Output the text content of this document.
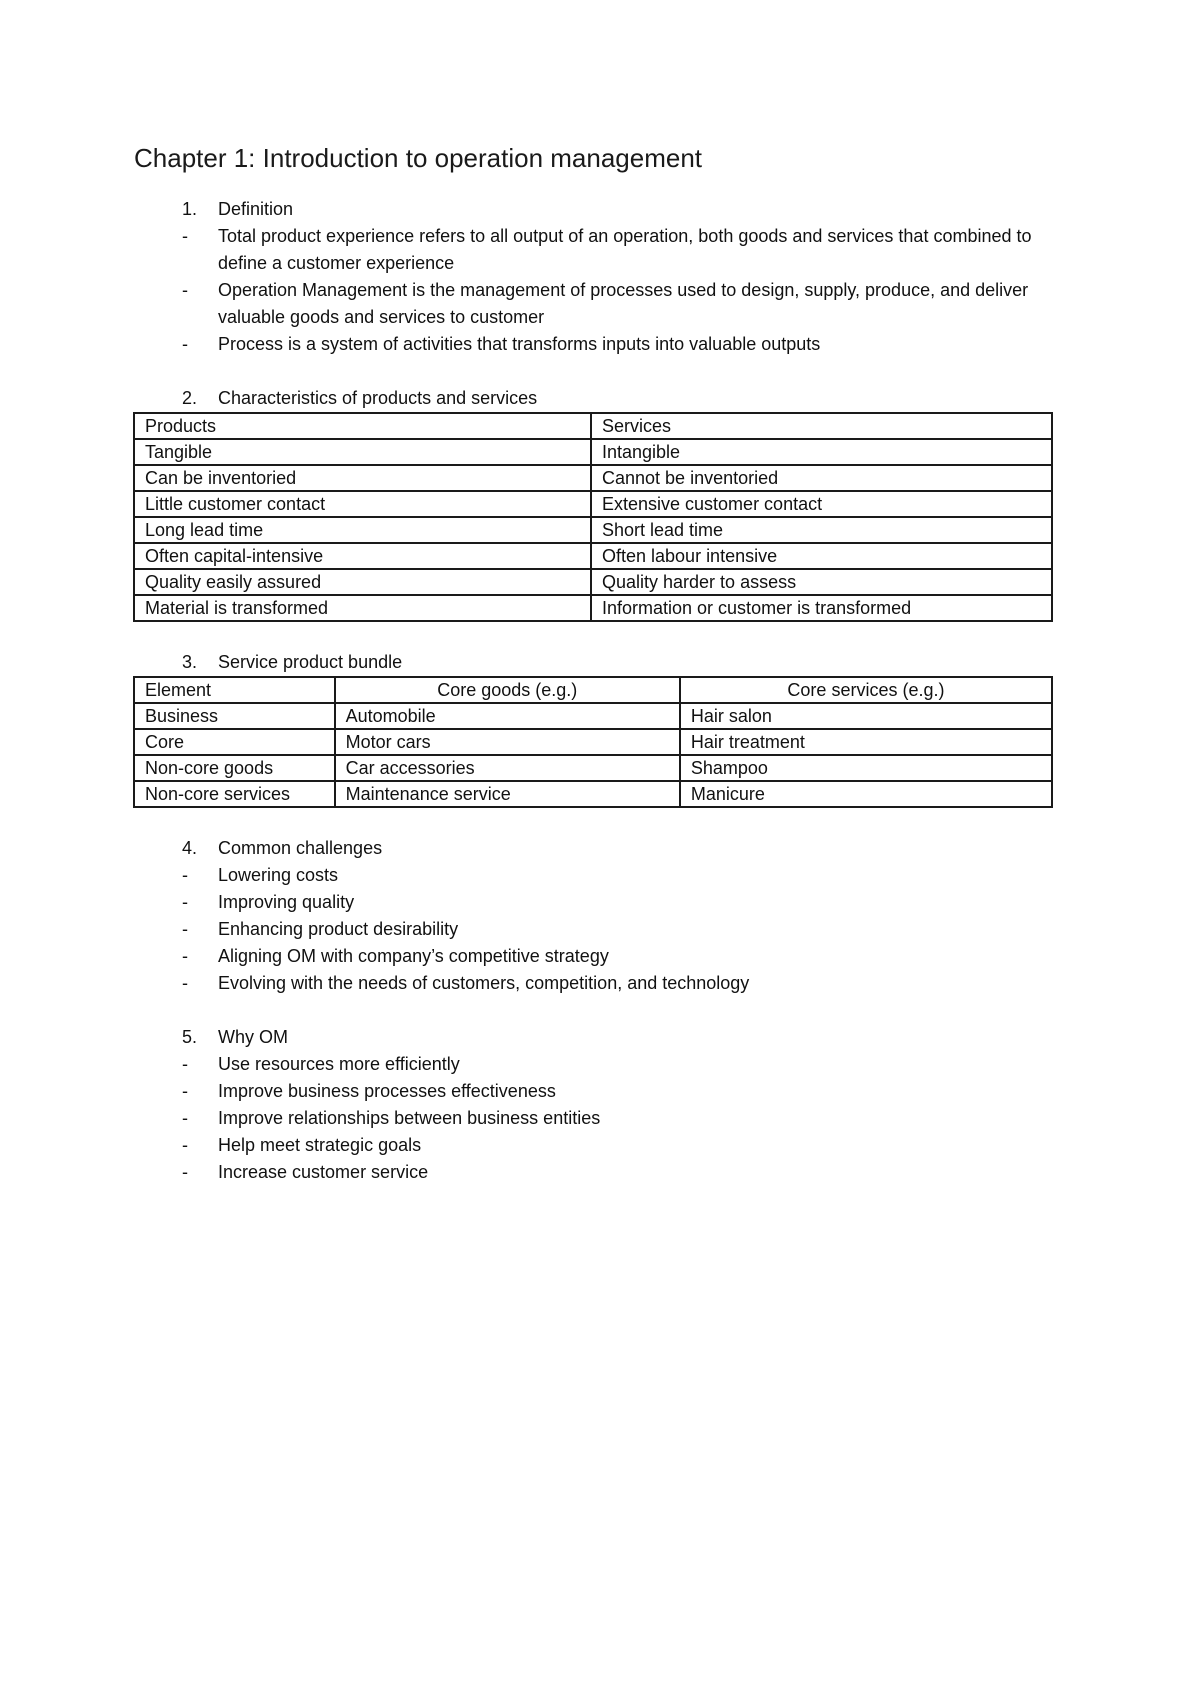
Chapter 1: Introduction to operation management
1.	Definition
-	Total product experience refers to all output of an operation, both goods and services that combined to define a customer experience
-	Operation Management is the management of processes used to design, supply, produce, and deliver valuable goods and services to customer
-	Process is a system of activities that transforms inputs into valuable outputs
2.	Characteristics of products and services
Products	Services
Tangible	Intangible
Can be inventoried	Cannot be inventoried
Little customer contact	Extensive customer contact
Long lead time	Short lead time
Often capital-intensive	Often labour intensive
Quality easily assured	Quality harder to assess
Material is transformed	Information or customer is transformed
3.	Service product bundle
Element	Core goods (e.g.)	Core services (e.g.)
Business	Automobile	Hair salon
Core	Motor cars	Hair treatment
Non-core goods	Car accessories	Shampoo
Non-core services	Maintenance service	Manicure
4.	Common challenges
-	Lowering costs
-	Improving quality
-	Enhancing product desirability
-	Aligning OM with company’s competitive strategy
-	Evolving with the needs of customers, competition, and technology
5.	Why OM
-	Use resources more efficiently
-	Improve business processes effectiveness
-	Improve relationships between business entities
-	Help meet strategic goals
-	Increase customer service
